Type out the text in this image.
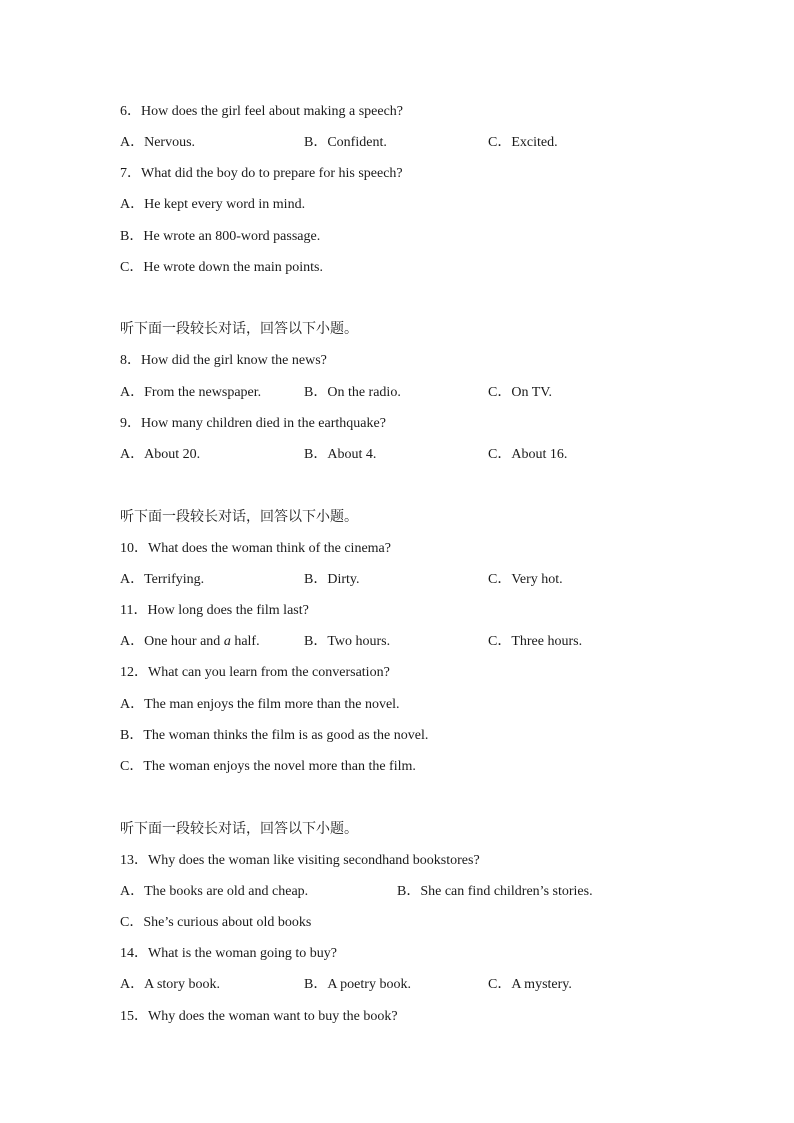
6．How does the girl feel about making a speech?
A．Nervous.	B．Confident.	C．Excited.
7．What did the boy do to prepare for his speech?
A．He kept every word in mind.
B．He wrote an 800-word passage.
C．He wrote down the main points.
听下面一段较长对话，回答以下小题。
8．How did the girl know the news?
A．From the newspaper.	B．On the radio.	C．On TV.
9．How many children died in the earthquake?
A．About 20.	B．About 4.	C．About 16.
听下面一段较长对话，回答以下小题。
10．What does the woman think of the cinema?
A．Terrifying.	B．Dirty.	C．Very hot.
11．How long does the film last?
A．One hour and a half.	B．Two hours.	C．Three hours.
12．What can you learn from the conversation?
A．The man enjoys the film more than the novel.
B．The woman thinks the film is as good as the novel.
C．The woman enjoys the novel more than the film.
听下面一段较长对话，回答以下小题。
13．Why does the woman like visiting secondhand bookstores?
A．The books are old and cheap.	B．She can find children’s stories.
C．She’s curious about old books
14．What is the woman going to buy?
A．A story book.	B．A poetry book.	C．A mystery.
15．Why does the woman want to buy the book?
